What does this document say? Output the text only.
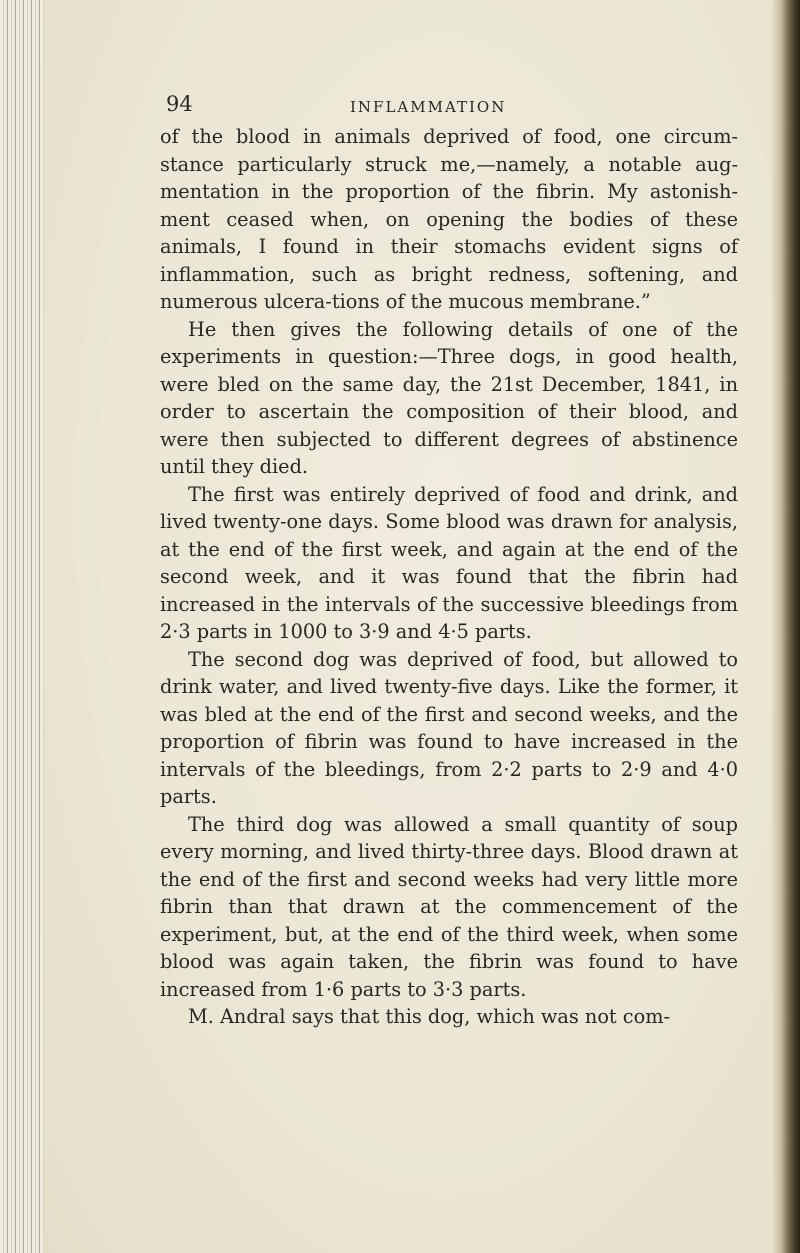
94	INFLAMMATION

of the blood in animals deprived of food, one circum-stance particularly struck me,—namely, a notable aug-mentation in the proportion of the fibrin. My astonish-ment ceased when, on opening the bodies of these animals, I found in their stomachs evident signs of inflammation, such as bright redness, softening, and numerous ulcera-tions of the mucous membrane.”

He then gives the following details of one of the experiments in question:—Three dogs, in good health, were bled on the same day, the 21st December, 1841, in order to ascertain the composition of their blood, and were then subjected to different degrees of abstinence until they died.

The first was entirely deprived of food and drink, and lived twenty-one days. Some blood was drawn for analysis, at the end of the first week, and again at the end of the second week, and it was found that the fibrin had increased in the intervals of the successive bleedings from 2·3 parts in 1000 to 3·9 and 4·5 parts.

The second dog was deprived of food, but allowed to drink water, and lived twenty-five days. Like the former, it was bled at the end of the first and second weeks, and the proportion of fibrin was found to have increased in the intervals of the bleedings, from 2·2 parts to 2·9 and 4·0 parts.

The third dog was allowed a small quantity of soup every morning, and lived thirty-three days. Blood drawn at the end of the first and second weeks had very little more fibrin than that drawn at the commencement of the experiment, but, at the end of the third week, when some blood was again taken, the fibrin was found to have increased from 1·6 parts to 3·3 parts.

M. Andral says that this dog, which was not com-
